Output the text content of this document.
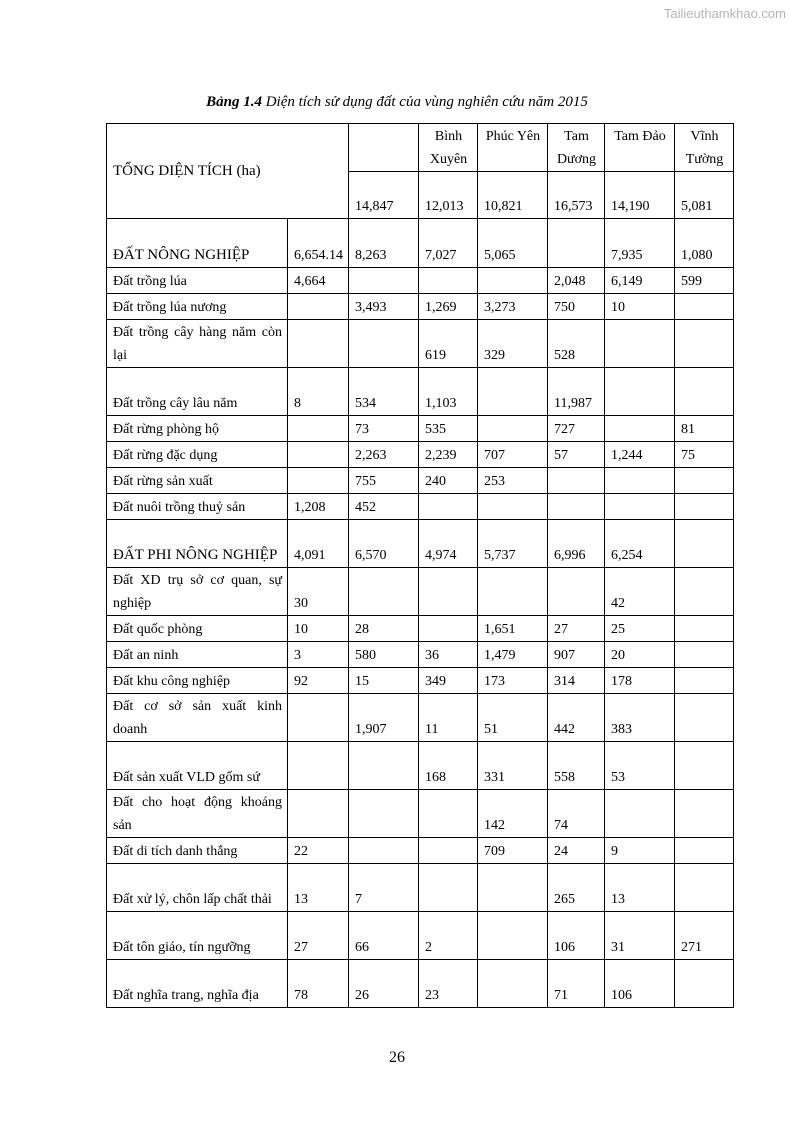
Tailieuthamkhao.com
Bảng 1.4 Diện tích sử dụng đất của vùng nghiên cứu năm 2015
TỔNG DIỆN TÍCH (ha)			Bình Xuyên	Phúc Yên	Tam Dương	Tam Đảo	Vĩnh Tường
		14,847	12,013	10,821	16,573	14,190	5,081
ĐẤT NÔNG NGHIỆP	6,654.14	8,263	7,027	5,065		7,935	1,080
Đất trồng lúa	4,664				2,048	6,149	599
Đất trồng lúa nương		3,493	1,269	3,273	750	10	
Đất trồng cây hàng năm còn lại			619	329	528		
Đất trồng cây lâu năm	8	534	1,103		11,987		
Đất rừng phòng hộ		73	535		727		81
Đất rừng đặc dụng		2,263	2,239	707	57	1,244	75
Đất rừng sản xuất		755	240	253			
Đất nuôi trồng thuỷ sản	1,208	452					
ĐẤT PHI NÔNG NGHIỆP	4,091	6,570	4,974	5,737	6,996	6,254	
Đất XD trụ sở cơ quan, sự nghiệp	30					42	
Đất quốc phòng	10	28		1,651	27	25	
Đất an ninh	3	580	36	1,479	907	20	
Đất khu công nghiệp	92	15	349	173	314	178	
Đất cơ sở sản xuất kinh doanh		1,907	11	51	442	383	
Đất sản xuất VLD gốm sứ			168	331	558	53	
Đất cho hoạt động khoáng sản				142	74		
Đất di tích danh thắng	22			709	24	9	
Đất xử lý, chôn lấp chất thải	13	7			265	13	
Đất tôn giáo, tín ngưỡng	27	66	2		106	31	271
Đất nghĩa trang, nghĩa địa	78	26	23		71	106	
26
